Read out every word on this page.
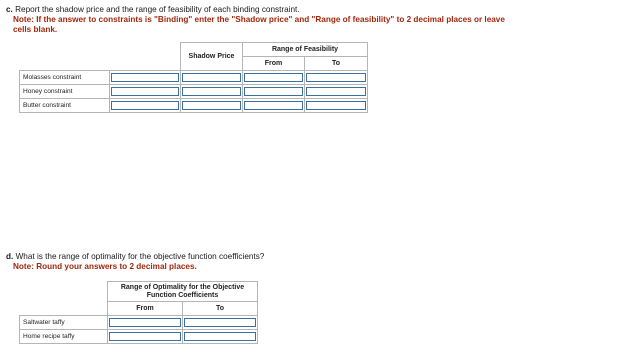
c. Report the shadow price and the range of feasibility of each binding constraint.
Note: If the answer to constraints is "Binding" enter the "Shadow price" and "Range of feasibility" to 2 decimal places or leave
cells blank.
		Shadow Price	Range of Feasibility	
			From	To
Molasses constraint	

Honey constraint	

Butter constraint	

d. What is the range of optimality for the objective function coefficients?
Note: Round your answers to 2 decimal places.
	Range of Optimality for the Objective Function Coefficients	
	From	To
Saltwater taffy	

Home recipe taffy	
